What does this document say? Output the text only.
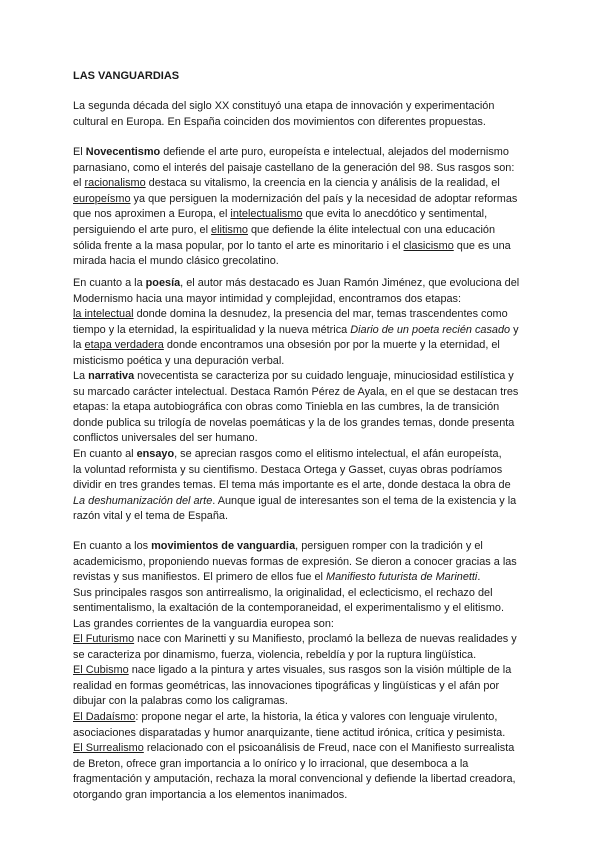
LAS VANGUARDIAS

La segunda década del siglo XX constituyó una etapa de innovación y experimentación
cultural en Europa. En España coinciden dos movimientos con diferentes propuestas.

El Novecentismo defiende el arte puro, europeísta e intelectual, alejados del modernismo
parnasiano, como el interés del paisaje castellano de la generación del 98. Sus rasgos son:
el racionalismo destaca su vitalismo, la creencia en la ciencia y análisis de la realidad, el
europeísmo ya que persiguen la modernización del país y la necesidad de adoptar reformas
que nos aproximen a Europa, el intelectualismo que evita lo anecdótico y sentimental,
persiguiendo el arte puro, el elitismo que defiende la élite intelectual con una educación
sólida frente a la masa popular, por lo tanto el arte es minoritario i el clasicismo que es una
mirada hacia el mundo clásico grecolatino.

En cuanto a la poesía, el autor más destacado es Juan Ramón Jiménez, que evoluciona del
Modernismo hacia una mayor intimidad y complejidad, encontramos dos etapas:
la intelectual donde domina la desnudez, la presencia del mar, temas trascendentes como
tiempo y la eternidad, la espiritualidad y la nueva métrica Diario de un poeta recién casado y
la etapa verdadera donde encontramos una obsesión por por la muerte y la eternidad, el
misticismo poética y una depuración verbal.

La narrativa novecentista se caracteriza por su cuidado lenguaje, minuciosidad estilística y
su marcado carácter intelectual. Destaca Ramón Pérez de Ayala, en el que se destacan tres
etapas: la etapa autobiográfica con obras como Tiniebla en las cumbres, la de transición
donde publica su trilogía de novelas poemáticas y la de los grandes temas, donde presenta
conflictos universales del ser humano.

En cuanto al ensayo, se aprecian rasgos como el elitismo intelectual, el afán europeísta,
la voluntad reformista y su cientifismo. Destaca Ortega y Gasset, cuyas obras podríamos
dividir en tres grandes temas. El tema más importante es el arte, donde destaca la obra de
La deshumanización del arte. Aunque igual de interesantes son el tema de la existencia y la
razón vital y el tema de España.

En cuanto a los movimientos de vanguardia, persiguen romper con la tradición y el
academicismo, proponiendo nuevas formas de expresión. Se dieron a conocer gracias a las
revistas y sus manifiestos. El primero de ellos fue el Manifiesto futurista de Marinetti.
Sus principales rasgos son antirrealismo, la originalidad, el eclecticismo, el rechazo del
sentimentalismo, la exaltación de la contemporaneidad, el experimentalismo y el elitismo.
Las grandes corrientes de la vanguardia europea son:

El Futurismo nace con Marinetti y su Manifiesto, proclamó la belleza de nuevas realidades y
se caracteriza por dinamismo, fuerza, violencia, rebeldía y por la ruptura lingüística.
El Cubismo nace ligado a la pintura y artes visuales, sus rasgos son la visión múltiple de la
realidad en formas geométricas, las innovaciones tipográficas y lingüísticas y el afán por
dibujar con la palabras como los caligramas.
El Dadaísmo: propone negar el arte, la historia, la ética y valores con lenguaje virulento,
asociaciones disparatadas y humor anarquizante, tiene actitud irónica, crítica y pesimista.
El Surrealismo relacionado con el psicoanálisis de Freud, nace con el Manifiesto surrealista
de Breton, ofrece gran importancia a lo onírico y lo irracional, que desemboca a la
fragmentación y amputación, rechaza la moral convencional y defiende la libertad creadora,
otorgando gran importancia a los elementos inanimados.
